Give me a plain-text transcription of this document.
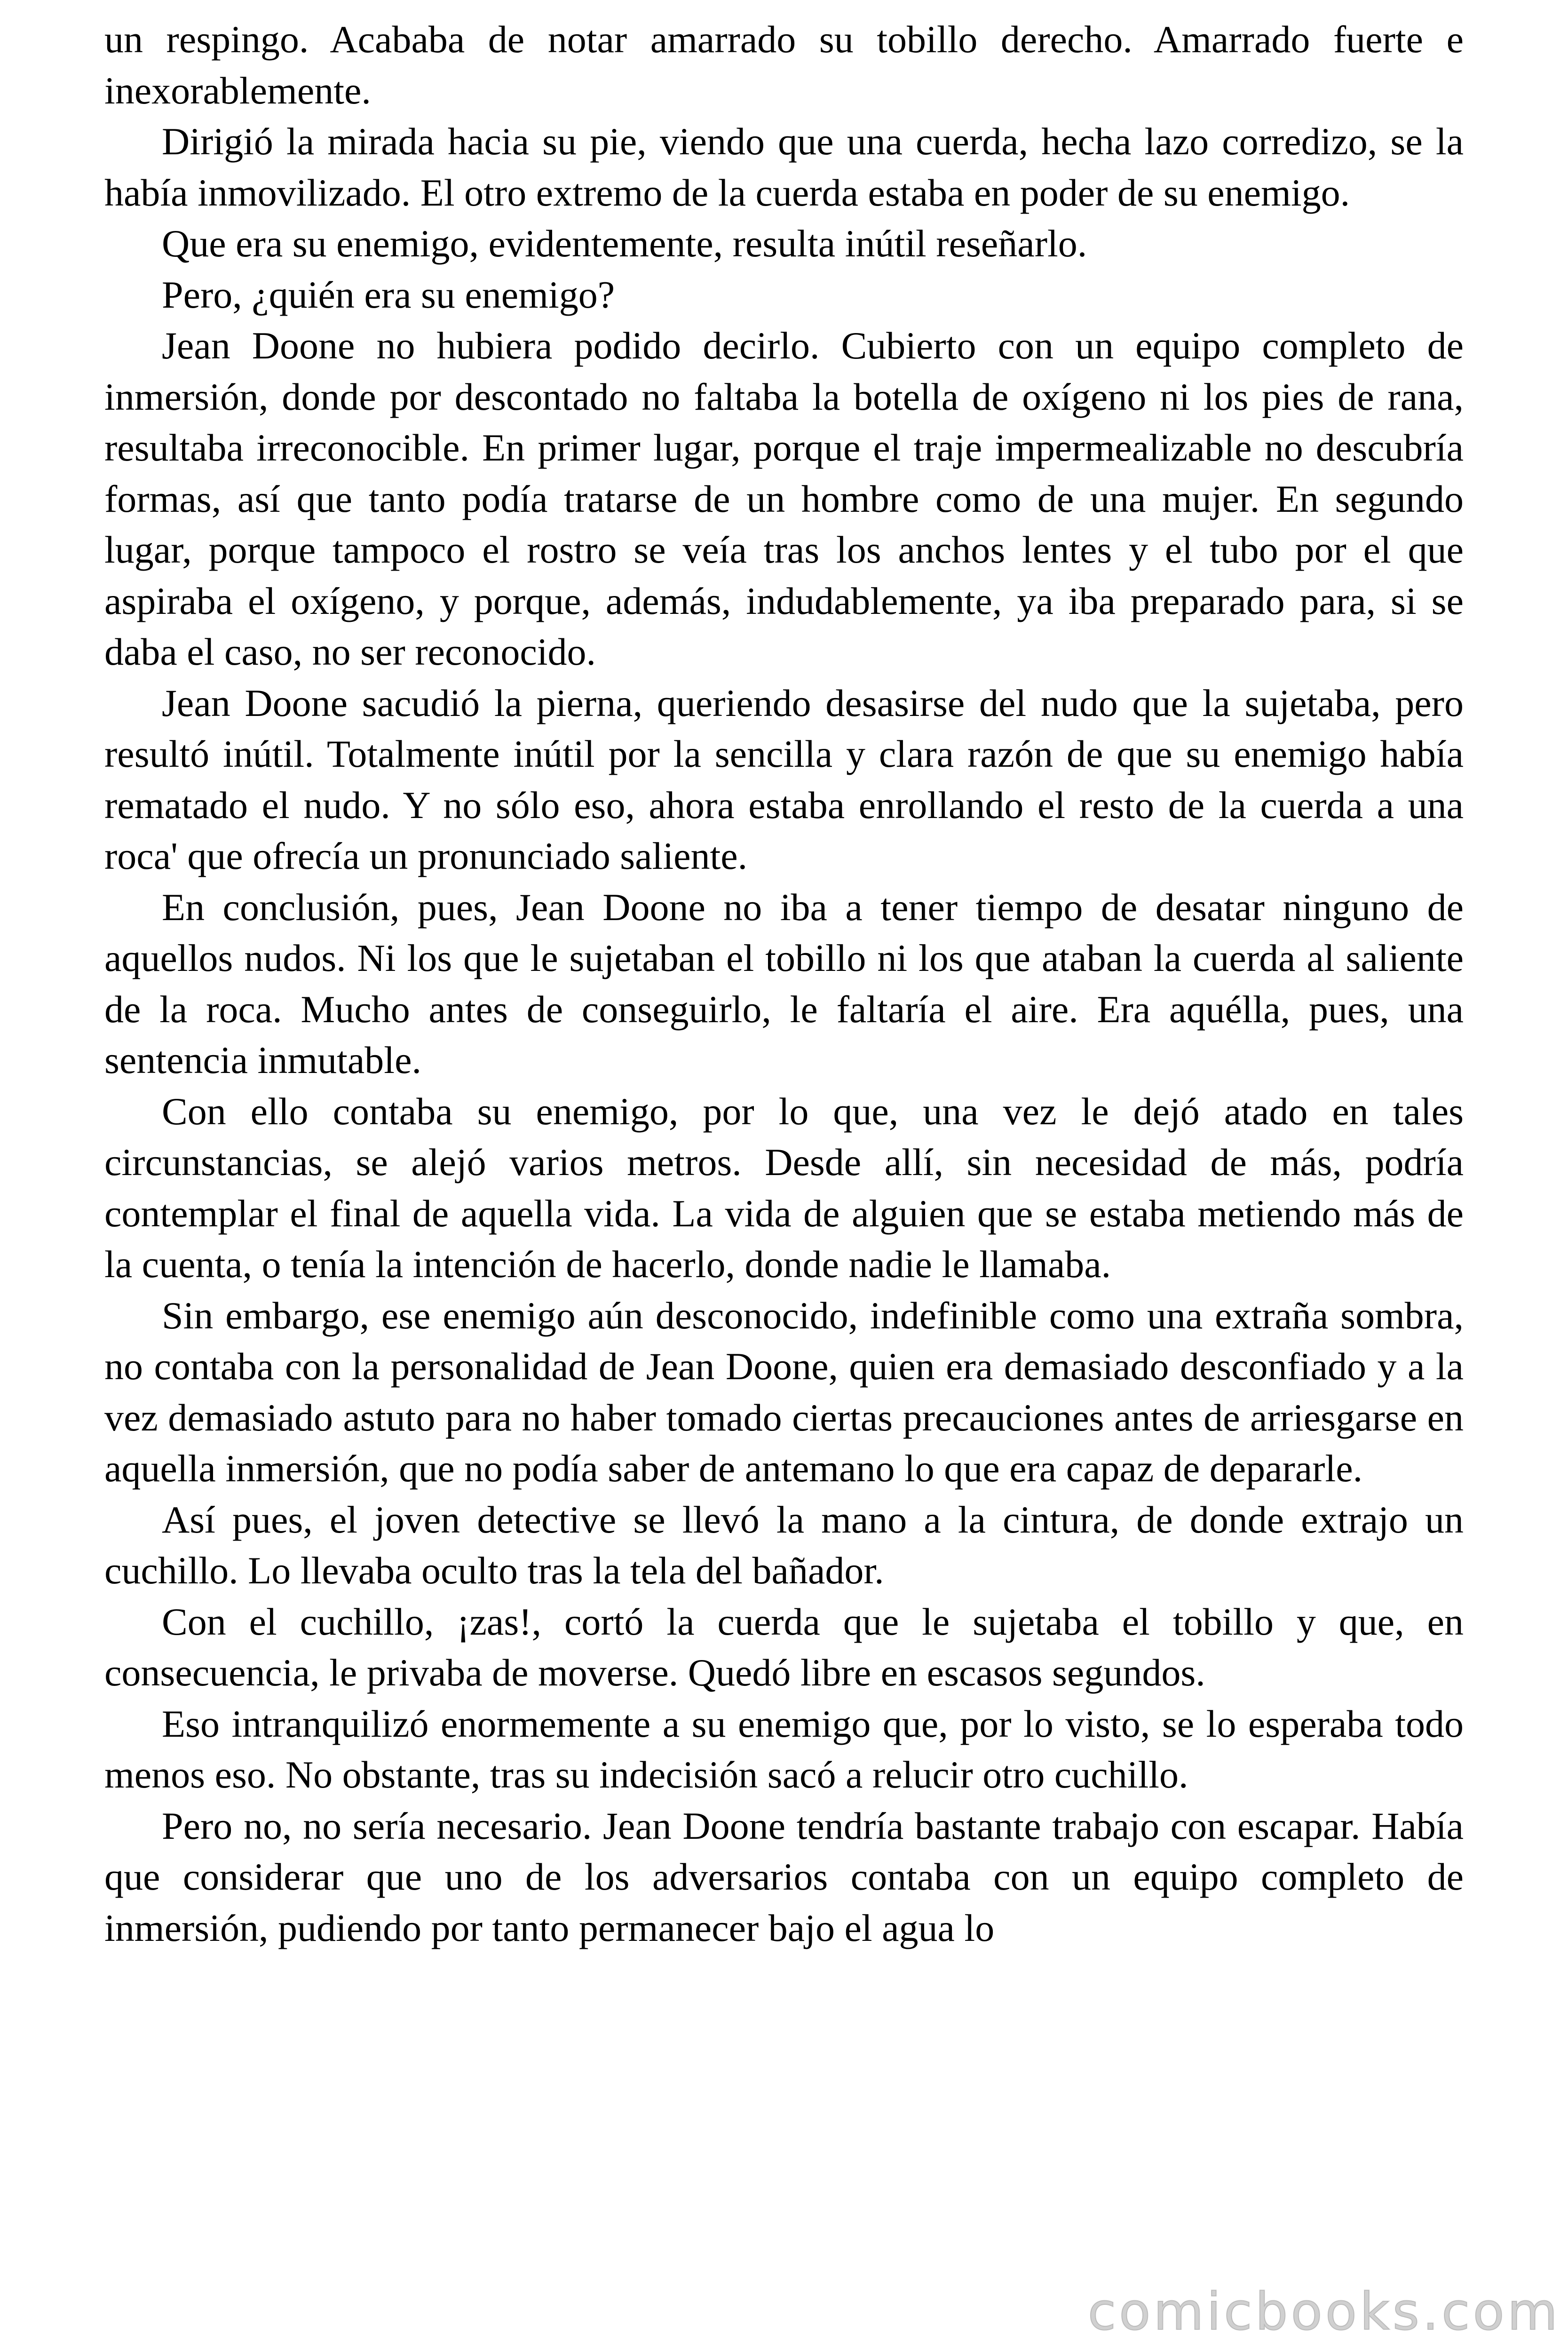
un respingo. Acababa de notar amarrado su tobillo derecho. Amarrado fuerte e inexorablemente.

Dirigió la mirada hacia su pie, viendo que una cuerda, hecha lazo corredizo, se la había inmovilizado. El otro extremo de la cuerda estaba en poder de su enemigo.

Que era su enemigo, evidentemente, resulta inútil reseñarlo.

Pero, ¿quién era su enemigo?

Jean Doone no hubiera podido decirlo. Cubierto con un equipo completo de inmersión, donde por descontado no faltaba la botella de oxígeno ni los pies de rana, resultaba irreconocible. En primer lugar, porque el traje impermealizable no descubría formas, así que tanto podía tratarse de un hombre como de una mujer. En segundo lugar, porque tampoco el rostro se veía tras los anchos lentes y el tubo por el que aspiraba el oxígeno, y porque, además, indudablemente, ya iba preparado para, si se daba el caso, no ser reconocido.

Jean Doone sacudió la pierna, queriendo desasirse del nudo que la sujetaba, pero resultó inútil. Totalmente inútil por la sencilla y clara razón de que su enemigo había rematado el nudo. Y no sólo eso, ahora estaba enrollando el resto de la cuerda a una roca' que ofrecía un pronunciado saliente.

En conclusión, pues, Jean Doone no iba a tener tiempo de desatar ninguno de aquellos nudos. Ni los que le sujetaban el tobillo ni los que ataban la cuerda al saliente de la roca. Mucho antes de conseguirlo, le faltaría el aire. Era aquélla, pues, una sentencia inmutable.

Con ello contaba su enemigo, por lo que, una vez le dejó atado en tales circunstancias, se alejó varios metros. Desde allí, sin necesidad de más, podría contemplar el final de aquella vida. La vida de alguien que se estaba metiendo más de la cuenta, o tenía la intención de hacerlo, donde nadie le llamaba.

Sin embargo, ese enemigo aún desconocido, indefinible como una extraña sombra, no contaba con la personalidad de Jean Doone, quien era demasiado desconfiado y a la vez demasiado astuto para no haber tomado ciertas precauciones antes de arriesgarse en aquella inmersión, que no podía saber de antemano lo que era capaz de depararle.

Así pues, el joven detective se llevó la mano a la cintura, de donde extrajo un cuchillo. Lo llevaba oculto tras la tela del bañador.

Con el cuchillo, ¡zas!, cortó la cuerda que le sujetaba el tobillo y que, en consecuencia, le privaba de moverse. Quedó libre en escasos segundos.

Eso intranquilizó enormemente a su enemigo que, por lo visto, se lo esperaba todo menos eso. No obstante, tras su indecisión sacó a relucir otro cuchillo.

Pero no, no sería necesario. Jean Doone tendría bastante trabajo con escapar. Había que considerar que uno de los adversarios contaba con un equipo completo de inmersión, pudiendo por tanto permanecer bajo el agua lo

comicbooks.com
